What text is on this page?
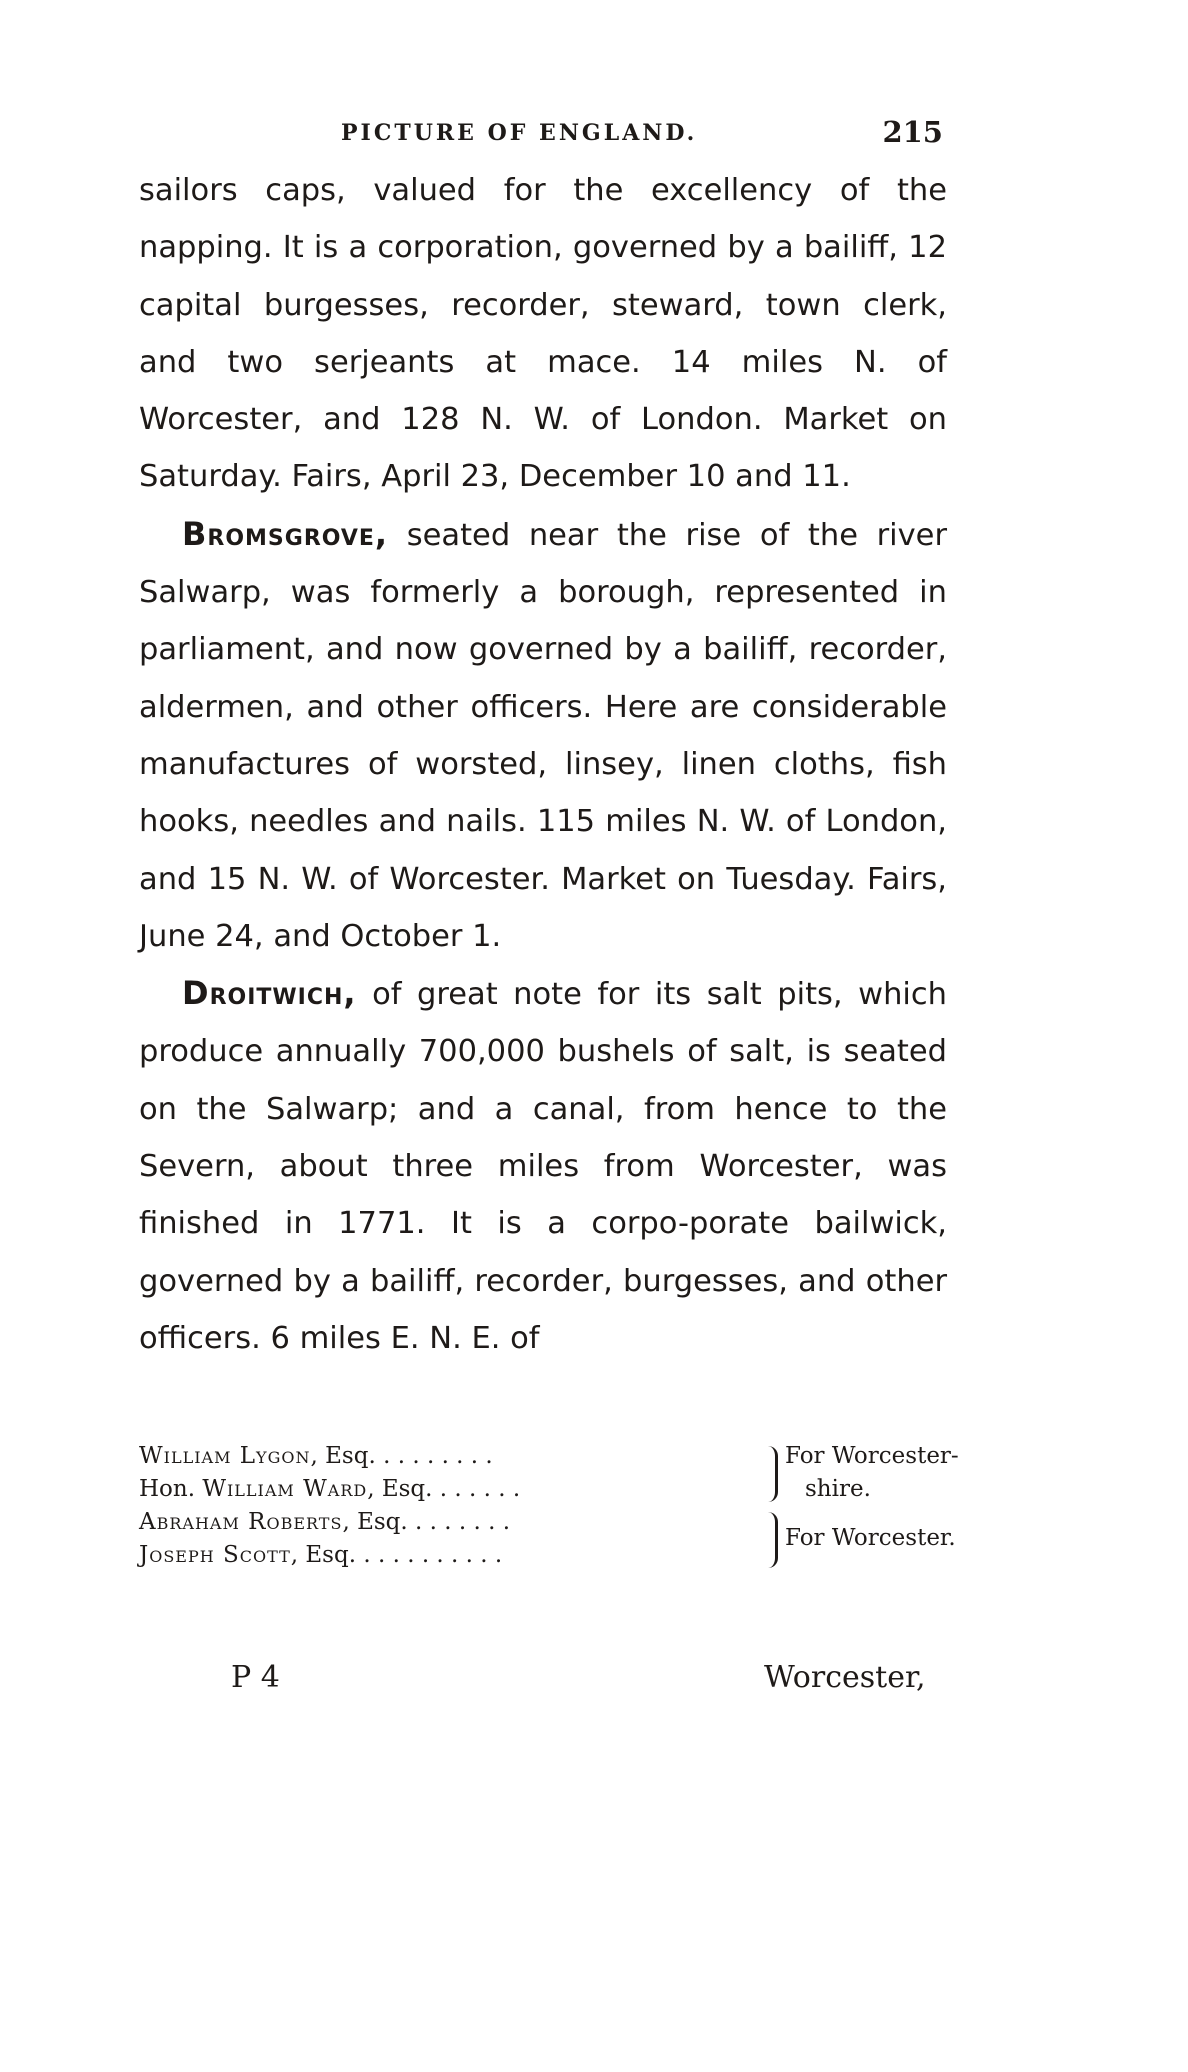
PICTURE OF ENGLAND.	215

sailors caps, valued for the excellency of the napping. It is a corporation, governed by a bailiff, 12 capital burgesses, recorder, steward, town clerk, and two serjeants at mace. 14 miles N. of Worcester, and 128 N. W. of London. Market on Saturday. Fairs, April 23, December 10 and 11.

Bromsgrove, seated near the rise of the river Salwarp, was formerly a borough, represented in parliament, and now governed by a bailiff, recorder, aldermen, and other officers. Here are considerable manufactures of worsted, linsey, linen cloths, fish hooks, needles and nails. 115 miles N. W. of London, and 15 N. W. of Worcester. Market on Tuesday. Fairs, June 24, and October 1.

Droitwich, of great note for its salt pits, which produce annually 700,000 bushels of salt, is seated on the Salwarp; and a canal, from hence to the Severn, about three miles from Worcester, was finished in 1771. It is a corpo-porate bailwick, governed by a bailiff, recorder, burgesses, and other officers. 6 miles E. N. E. of

William Lygon, Esq. . . . . . . . .
Hon. William Ward, Esq. . . . . . .
For Worcester-
shire.
Abraham Roberts, Esq. . . . . . . .
Joseph Scott, Esq. . . . . . . . . . .
For Worcester.
P 4	Worcester,
